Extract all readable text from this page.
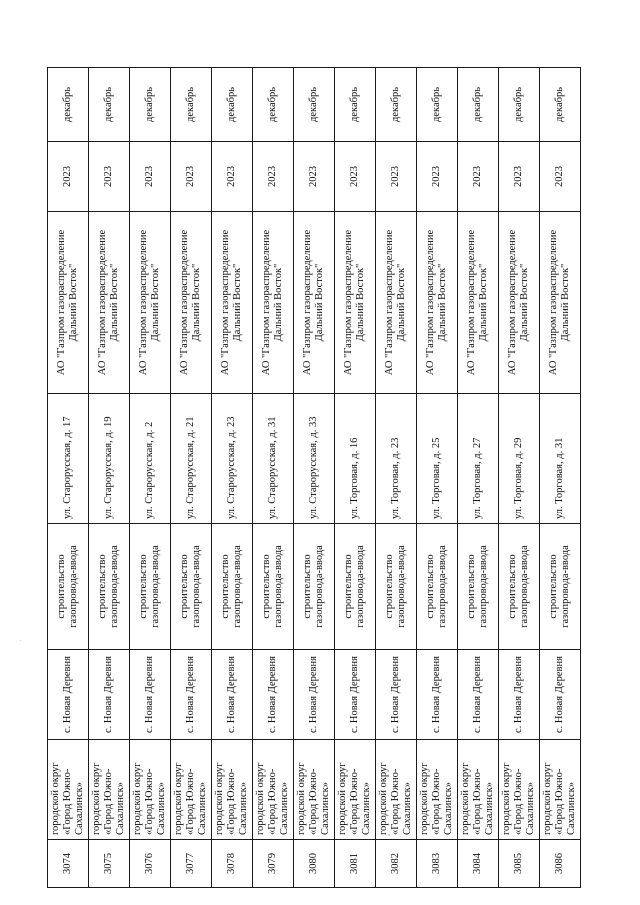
3074	городской округ «Город Южно-Сахалинск»	с. Новая Деревня	строительство газопровода-ввода	ул. Старорусская, д. 17	АО "Газпром газораспределение Дальний Восток"	2023	декабрь
3075	городской округ «Город Южно-Сахалинск»	с. Новая Деревня	строительство газопровода-ввода	ул. Старорусская, д. 19	АО "Газпром газораспределение Дальний Восток"	2023	декабрь
3076	городской округ «Город Южно-Сахалинск»	с. Новая Деревня	строительство газопровода-ввода	ул. Старорусская, д. 2	АО "Газпром газораспределение Дальний Восток"	2023	декабрь
3077	городской округ «Город Южно-Сахалинск»	с. Новая Деревня	строительство газопровода-ввода	ул. Старорусская, д. 21	АО "Газпром газораспределение Дальний Восток"	2023	декабрь
3078	городской округ «Город Южно-Сахалинск»	с. Новая Деревня	строительство газопровода-ввода	ул. Старорусская, д. 23	АО "Газпром газораспределение Дальний Восток"	2023	декабрь
3079	городской округ «Город Южно-Сахалинск»	с. Новая Деревня	строительство газопровода-ввода	ул. Старорусская, д. 31	АО "Газпром газораспределение Дальний Восток"	2023	декабрь
3080	городской округ «Город Южно-Сахалинск»	с. Новая Деревня	строительство газопровода-ввода	ул. Старорусская, д. 33	АО "Газпром газораспределение Дальний Восток"	2023	декабрь
3081	городской округ «Город Южно-Сахалинск»	с. Новая Деревня	строительство газопровода-ввода	ул. Торговая, д. 16	АО "Газпром газораспределение Дальний Восток"	2023	декабрь
3082	городской округ «Город Южно-Сахалинск»	с. Новая Деревня	строительство газопровода-ввода	ул. Торговая, д. 23	АО "Газпром газораспределение Дальний Восток"	2023	декабрь
3083	городской округ «Город Южно-Сахалинск»	с. Новая Деревня	строительство газопровода-ввода	ул. Торговая, д. 25	АО "Газпром газораспределение Дальний Восток"	2023	декабрь
3084	городской округ «Город Южно-Сахалинск»	с. Новая Деревня	строительство газопровода-ввода	ул. Торговая, д. 27	АО "Газпром газораспределение Дальний Восток"	2023	декабрь
3085	городской округ «Город Южно-Сахалинск»	с. Новая Деревня	строительство газопровода-ввода	ул. Торговая, д. 29	АО "Газпром газораспределение Дальний Восток"	2023	декабрь
3086	городской округ «Город Южно-Сахалинск»	с. Новая Деревня	строительство газопровода-ввода	ул. Торговая, д. 31	АО "Газпром газораспределение Дальний Восток"	2023	декабрь
